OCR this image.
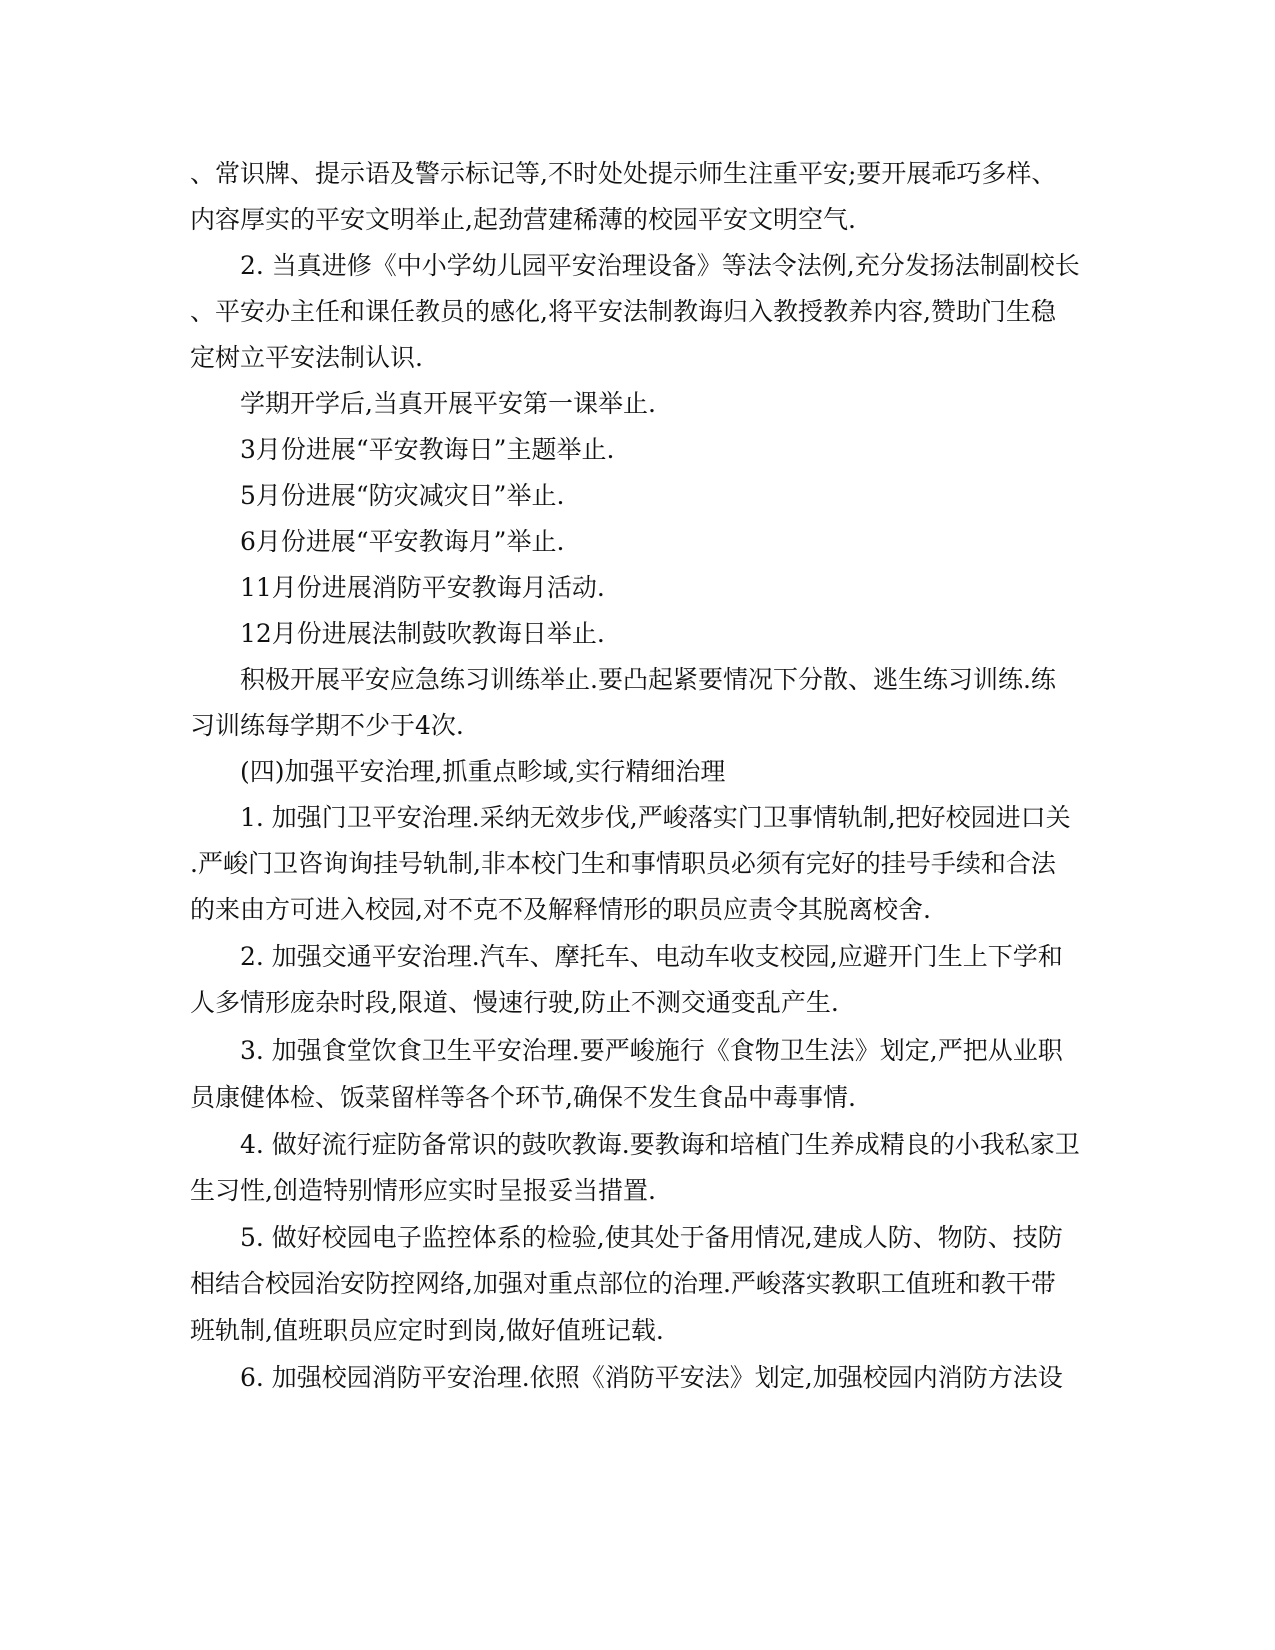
、常识牌、提示语及警示标记等,不时处处提示师生注重平安;要开展乖巧多样、
内容厚实的平安文明举止,起劲营建稀薄的校园平安文明空气.
2. 当真进修《中小学幼儿园平安治理设备》等法令法例,充分发扬法制副校长
、平安办主任和课任教员的感化,将平安法制教诲归入教授教养内容,赞助门生稳
定树立平安法制认识.
学期开学后,当真开展平安第一课举止.
3月份进展“平安教诲日”主题举止.
5月份进展“防灾减灾日”举止.
6月份进展“平安教诲月”举止.
11月份进展消防平安教诲月活动.
12月份进展法制鼓吹教诲日举止.
积极开展平安应急练习训练举止.要凸起紧要情况下分散、逃生练习训练.练
习训练每学期不少于4次.
(四)加强平安治理,抓重点畛域,实行精细治理
1. 加强门卫平安治理.采纳无效步伐,严峻落实门卫事情轨制,把好校园进口关
.严峻门卫咨询询挂号轨制,非本校门生和事情职员必须有完好的挂号手续和合法
的来由方可进入校园,对不克不及解释情形的职员应责令其脱离校舍.
2. 加强交通平安治理.汽车、摩托车、电动车收支校园,应避开门生上下学和
人多情形庞杂时段,限道、慢速行驶,防止不测交通变乱产生.
3. 加强食堂饮食卫生平安治理.要严峻施行《食物卫生法》划定,严把从业职
员康健体检、饭菜留样等各个环节,确保不发生食品中毒事情.
4. 做好流行症防备常识的鼓吹教诲.要教诲和培植门生养成精良的小我私家卫
生习性,创造特别情形应实时呈报妥当措置.
5. 做好校园电子监控体系的检验,使其处于备用情况,建成人防、物防、技防
相结合校园治安防控网络,加强对重点部位的治理.严峻落实教职工值班和教干带
班轨制,值班职员应定时到岗,做好值班记载.
6. 加强校园消防平安治理.依照《消防平安法》划定,加强校园内消防方法设
